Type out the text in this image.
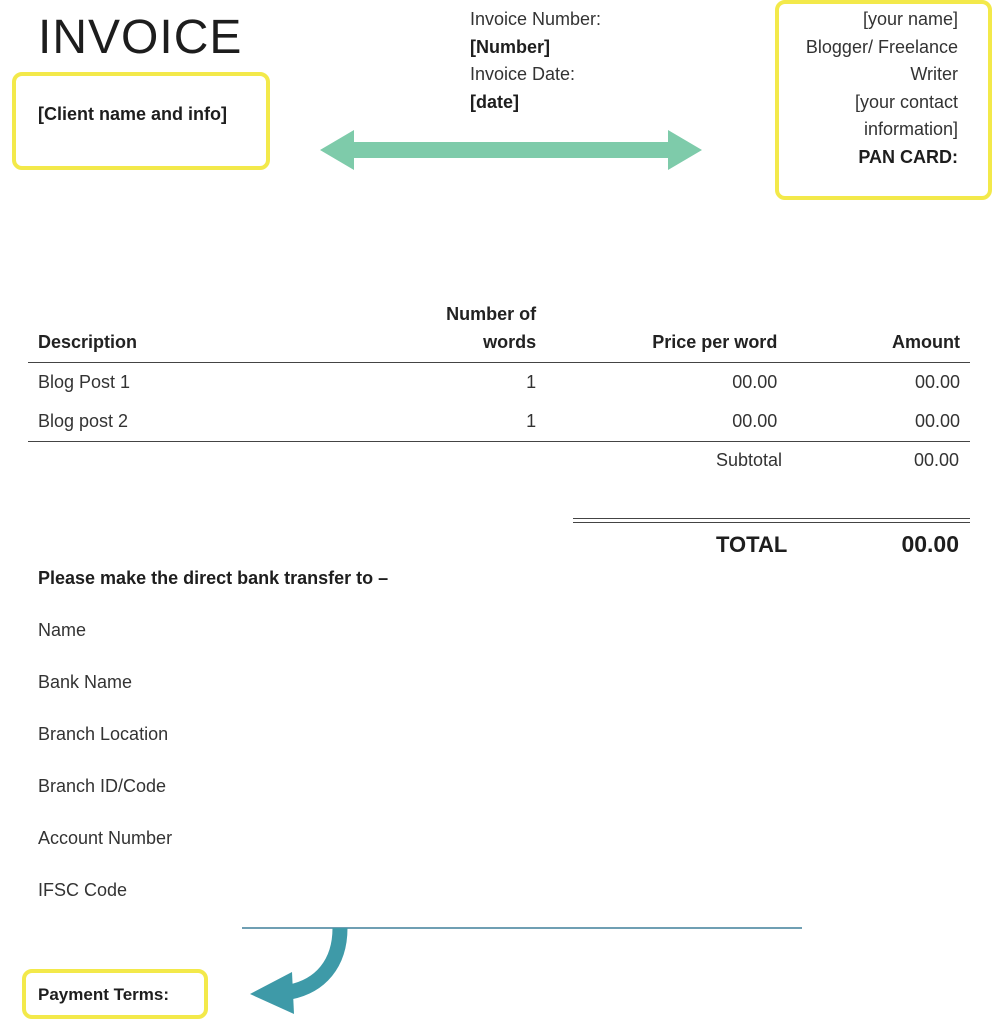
INVOICE
[Client name and info]
Invoice Number:
[Number]
Invoice Date:
[date]
[your name]
Blogger/ Freelance
Writer
[your contact
information]
PAN CARD:
Description	Number of words	Price per word	Amount
Blog Post 1	1	00.00	00.00
Blog post 2	1	00.00	00.00
Subtotal	00.00
TOTAL	00.00
Please make the direct bank transfer to –
Name
Bank Name
Branch Location
Branch ID/Code
Account Number
IFSC Code
Payment Terms:
